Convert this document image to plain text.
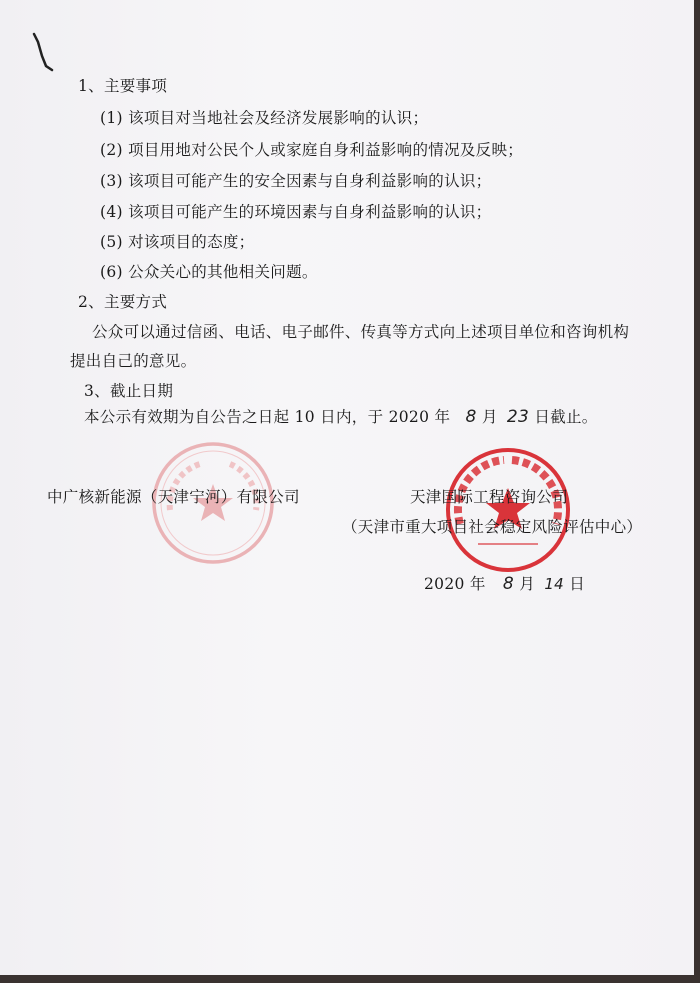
1、主要事项
(1) 该项目对当地社会及经济发展影响的认识；
(2) 项目用地对公民个人或家庭自身利益影响的情况及反映；
(3) 该项目可能产生的安全因素与自身利益影响的认识；
(4) 该项目可能产生的环境因素与自身利益影响的认识；
(5) 对该项目的态度；
(6) 公众关心的其他相关问题。
2、主要方式
公众可以通过信函、电话、电子邮件、传真等方式向上述项目单位和咨询机构
提出自己的意见。
3、截止日期
本公示有效期为自公告之日起 10 日内，于 2020 年 8 月 23 日截止。
中广核新能源（天津宁河）有限公司	天津国际工程咨询公司
（天津市重大项目社会稳定风险评估中心）
2020 年 8 月 14 日
